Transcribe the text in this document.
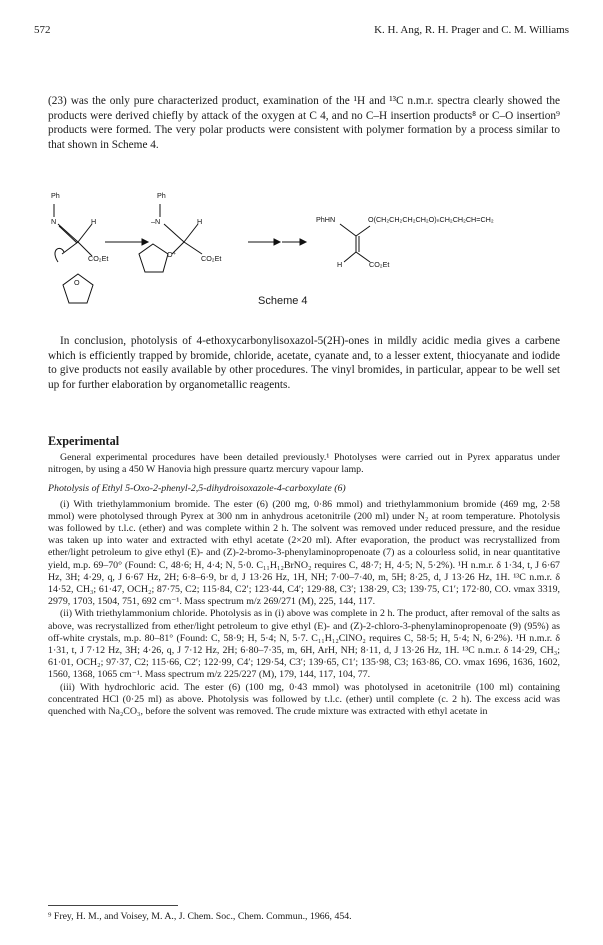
572	K. H. Ang, R. H. Prager and C. M. Williams

(23) was the only pure characterized product, examination of the ¹H and ¹³C n.m.r. spectra clearly showed the products were derived chiefly by attack of the oxygen at C 4, and no C–H insertion products⁸ or C–O insertion⁹ products were formed. The very polar products were consistent with polymer formation by a process similar to that shown in Scheme 4.

Ph
N	H
CO₂Et
O
Ph
–N	H
O⁺	CO₂Et
PhHN	O(CH₂CH₂CH₂CH₂O)ₙCH₂CH₂CH=CH₂
H	CO₂Et
Scheme 4

In conclusion, photolysis of 4-ethoxycarbonylisoxazol-5(2H)-ones in mildly acidic media gives a carbene which is efficiently trapped by bromide, chloride, acetate, cyanate and, to a lesser extent, thiocyanate and iodide to give products not easily available by other procedures. The vinyl bromides, in particular, appear to be well set up for further elaboration by organometallic reagents.

Experimental

General experimental procedures have been detailed previously.¹ Photolyses were carried out in Pyrex apparatus under nitrogen, by using a 450 W Hanovia high pressure quartz mercury vapour lamp.

Photolysis of Ethyl 5-Oxo-2-phenyl-2,5-dihydroisoxazole-4-carboxylate (6)

(i) With triethylammonium bromide. The ester (6) (200 mg, 0·86 mmol) and triethylammonium bromide (469 mg, 2·58 mmol) were photolysed through Pyrex at 300 nm in anhydrous acetonitrile (200 ml) under N₂ at room temperature. Photolysis was followed by t.l.c. (ether) and was complete within 2 h. The solvent was removed under reduced pressure, and the residue was taken up into water and extracted with ethyl acetate (2×20 ml). After evaporation, the product was recrystallized from ether/light petroleum to give ethyl (E)- and (Z)-2-bromo-3-phenylaminopropenoate (7) as a colourless solid, in near quantitative yield, m.p. 69–70° (Found: C, 48·6; H, 4·4; N, 5·0. C₁₁H₁₂BrNO₂ requires C, 48·7; H, 4·5; N, 5·2%). ¹H n.m.r. δ 1·34, t, J 6·67 Hz, 3H; 4·29, q, J 6·67 Hz, 2H; 6·8–6·9, br d, J 13·26 Hz, 1H, NH; 7·00–7·40, m, 5H; 8·25, d, J 13·26 Hz, 1H. ¹³C n.m.r. δ 14·52, CH₃; 61·47, OCH₂; 87·75, C2; 115·84, C2′; 123·44, C4′; 129·88, C3′; 138·29, C3; 139·75, C1′; 172·80, CO. νmax 3319, 2979, 1703, 1504, 751, 692 cm⁻¹. Mass spectrum m/z 269/271 (M), 225, 144, 117.

(ii) With triethylammonium chloride. Photolysis as in (i) above was complete in 2 h. The product, after removal of the salts as above, was recrystallized from ether/light petroleum to give ethyl (E)- and (Z)-2-chloro-3-phenylaminopropenoate (9) (95%) as off-white crystals, m.p. 80–81° (Found: C, 58·9; H, 5·4; N, 5·7. C₁₁H₁₂ClNO₂ requires C, 58·5; H, 5·4; N, 6·2%). ¹H n.m.r. δ 1·31, t, J 7·12 Hz, 3H; 4·26, q, J 7·12 Hz, 2H; 6·80–7·35, m, 6H, ArH, NH; 8·11, d, J 13·26 Hz, 1H. ¹³C n.m.r. δ 14·29, CH₃; 61·01, OCH₂; 97·37, C2; 115·66, C2′; 122·99, C4′; 129·54, C3′; 139·65, C1′; 135·98, C3; 163·86, CO. νmax 1696, 1636, 1602, 1560, 1368, 1065 cm⁻¹. Mass spectrum m/z 225/227 (M), 179, 144, 117, 104, 77.

(iii) With hydrochloric acid. The ester (6) (100 mg, 0·43 mmol) was photolysed in acetonitrile (100 ml) containing concentrated HCl (0·25 ml) as above. Photolysis was followed by t.l.c. (ether) until complete (c. 2 h). The excess acid was quenched with Na₂CO₃, before the solvent was removed. The crude mixture was extracted with ethyl acetate in

⁹ Frey, H. M., and Voisey, M. A., J. Chem. Soc., Chem. Commun., 1966, 454.
